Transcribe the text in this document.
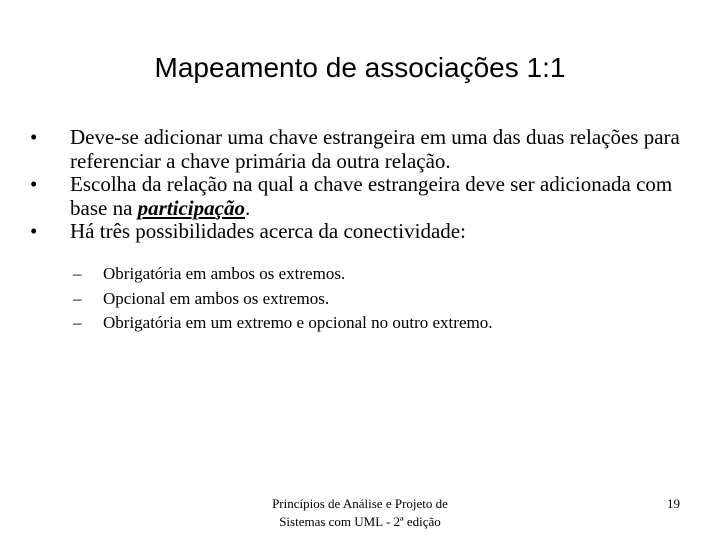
Mapeamento de associações 1:1
•	Deve-se adicionar uma chave estrangeira em uma das duas relações para referenciar a chave primária da outra relação.
•	Escolha da relação na qual a chave estrangeira deve ser adicionada com base na participação.
•	Há três possibilidades acerca da conectividade:
– Obrigatória em ambos os extremos.
– Opcional em ambos os extremos.
– Obrigatória em um extremo e opcional no outro extremo.
Princípios de Análise e Projeto de
Sistemas com UML - 2ª edição
19
